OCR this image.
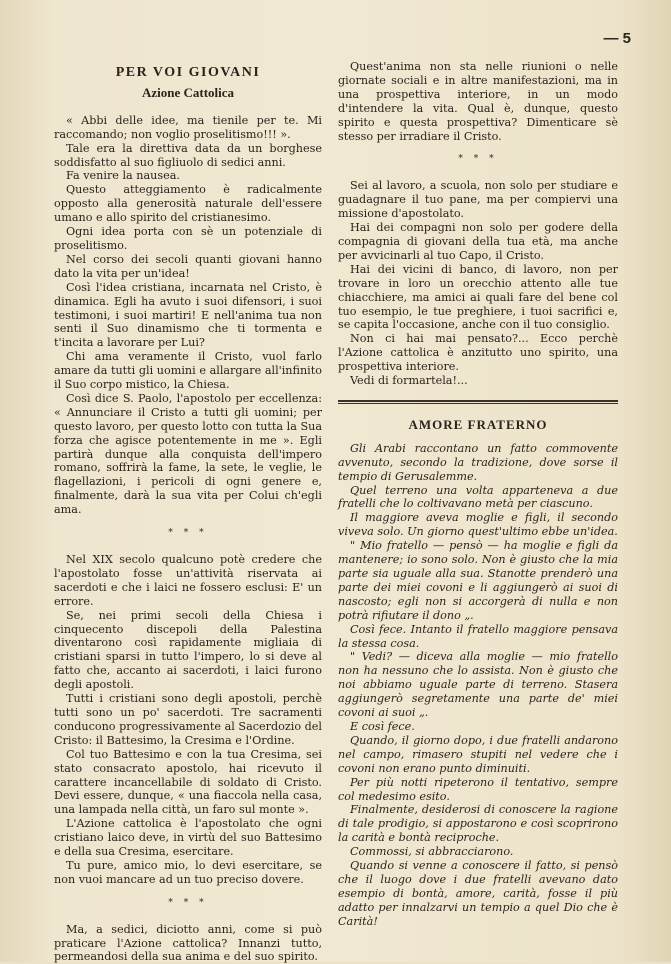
— 5
PER VOI GIOVANI
Azione Cattolica

« Abbi delle idee, ma tienile per te. Mi raccomando; non voglio proselitismo!!! ».

Tale era la direttiva data da un borghese soddisfatto al suo figliuolo di sedici anni.

Fa venire la nausea.

Questo atteggiamento è radicalmente opposto alla generosità naturale dell'essere umano e allo spirito del cristianesimo.

Ogni idea porta con sè un potenziale di proselitismo.

Nel corso dei secoli quanti giovani hanno dato la vita per un'idea!

Così l'idea cristiana, incarnata nel Cristo, è dinamica. Egli ha avuto i suoi difensori, i suoi testimoni, i suoi martiri! E nell'anima tua non senti il Suo dinamismo che ti tormenta e t'incita a lavorare per Lui?

Chi ama veramente il Cristo, vuol farlo amare da tutti gli uomini e allargare all'infinito il Suo corpo mistico, la Chiesa.

Così dice S. Paolo, l'apostolo per eccellenza: « Annunciare il Cristo a tutti gli uomini; per questo lavoro, per questo lotto con tutta la Sua forza che agisce potentemente in me ». Egli partirà dunque alla conquista dell'impero romano, soffrirà la fame, la sete, le veglie, le flagellazioni, i pericoli di ogni genere e, finalmente, darà la sua vita per Colui ch'egli ama.

* * *

Nel XIX secolo qualcuno potè credere che l'apostolato fosse un'attività riservata ai sacerdoti e che i laici ne fossero esclusi: E' un errore.

Se, nei primi secoli della Chiesa i cinquecento discepoli della Palestina diventarono così rapidamente migliaia di cristiani sparsi in tutto l'impero, lo si deve al fatto che, accanto ai sacerdoti, i laici furono degli apostoli.

Tutti i cristiani sono degli apostoli, perchè tutti sono un po' sacerdoti. Tre sacramenti conducono progressivamente al Sacerdozio del Cristo: il Battesimo, la Cresima e l'Ordine.

Col tuo Battesimo e con la tua Cresima, sei stato consacrato apostolo, hai ricevuto il carattere incancellabile di soldato di Cristo. Devi essere, dunque, « una fiaccola nella casa, una lampada nella città, un faro sul monte ».

L'Azione cattolica è l'apostolato che ogni cristiano laico deve, in virtù del suo Battesimo e della sua Cresima, esercitare.

Tu pure, amico mio, lo devi esercitare, se non vuoi mancare ad un tuo preciso dovere.

* * *

Ma, a sedici, diciotto anni, come si può praticare l'Azione cattolica? Innanzi tutto, permeandosi della sua anima e del suo spirito.

Quest'anima non sta nelle riunioni o nelle giornate sociali e in altre manifestazioni, ma in una prospettiva interiore, in un modo d'intendere la vita. Qual è, dunque, questo spirito e questa prospettiva? Dimenticare sè stesso per irradiare il Cristo.

* * *

Sei al lavoro, a scuola, non solo per studiare e guadagnare il tuo pane, ma per compiervi una missione d'apostolato.

Hai dei compagni non solo per godere della compagnia di giovani della tua età, ma anche per avvicinarli al tuo Capo, il Cristo.

Hai dei vicini di banco, di lavoro, non per trovare in loro un orecchio attento alle tue chiacchiere, ma amici ai quali fare del bene col tuo esempio, le tue preghiere, i tuoi sacrifici e, se capita l'occasione, anche con il tuo consiglio.

Non ci hai mai pensato?... Ecco perchè l'Azione cattolica è anzitutto uno spirito, una prospettiva interiore.

Vedi di formartela!...

AMORE FRATERNO

Gli Arabi raccontano un fatto commovente avvenuto, secondo la tradizione, dove sorse il tempio di Gerusalemme.

Quel terreno una volta apparteneva a due fratelli che lo coltivavano metà per ciascuno.

Il maggiore aveva moglie e figli, il secondo viveva solo. Un giorno quest'ultimo ebbe un'idea.

" Mio fratello — pensò — ha moglie e figli da mantenere; io sono solo. Non è giusto che la mia parte sia uguale alla sua. Stanotte prenderò una parte dei miei covoni e li aggiungerò ai suoi di nascosto; egli non si accorgerà di nulla e non potrà rifiutare il dono „.

Così fece. Intanto il fratello maggiore pensava la stessa cosa.

" Vedi? — diceva alla moglie — mio fratello non ha nessuno che lo assista. Non è giusto che noi abbiamo uguale parte di terreno. Stasera aggiungerò segretamente una parte de' miei covoni ai suoi „.

E così fece.

Quando, il giorno dopo, i due fratelli andarono nel campo, rimasero stupiti nel vedere che i covoni non erano punto diminuiti.

Per più notti ripeterono il tentativo, sempre col medesimo esito.

Finalmente, desiderosi di conoscere la ragione di tale prodigio, si appostarono e così scoprirono la carità e bontà reciproche.

Commossi, si abbracciarono.

Quando si venne a conoscere il fatto, si pensò che il luogo dove i due fratelli avevano dato esempio di bontà, amore, carità, fosse il più adatto per innalzarvi un tempio a quel Dio che è Carità!
